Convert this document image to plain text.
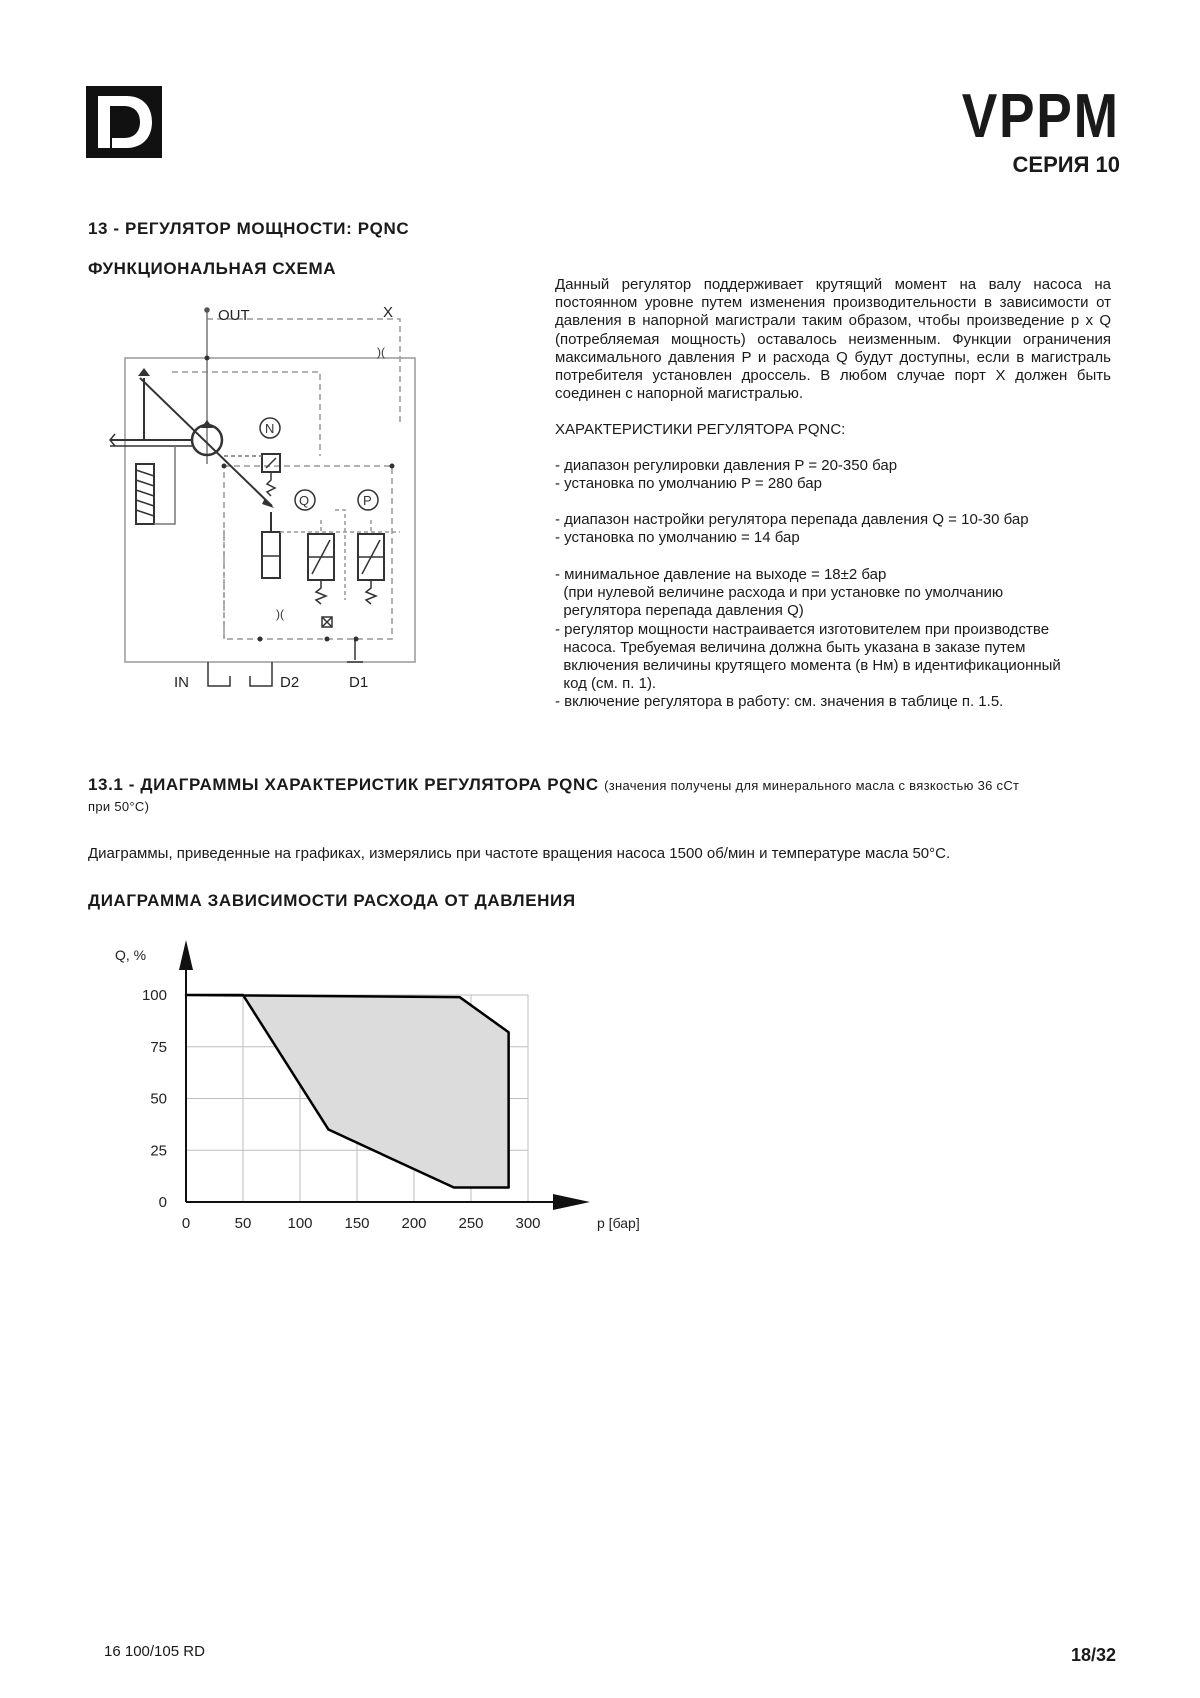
VPPM
СЕРИЯ 10
13 - РЕГУЛЯТОР МОЩНОСТИ: PQNC
ФУНКЦИОНАЛЬНАЯ СХЕМА
Данный регулятор поддерживает крутящий момент на валу насоса на постоянном уровне путем изменения производительности в зависимости от давления в напорной магистрали таким образом, чтобы произведение p x Q (потребляемая мощность) оставалось неизменным. Функции ограничения максимального давления P и расхода Q будут доступны, если в магистраль потребителя установлен дроссель. В любом случае порт X должен быть соединен с напорной магистралью.
ХАРАКТЕРИСТИКИ РЕГУЛЯТОРА PQNC:
- диапазон регулировки давления P = 20-350 бар
- установка по умолчанию P = 280 бар
- диапазон настройки регулятора перепада давления Q = 10-30 бар
- установка по умолчанию = 14 бар
- минимальное давление на выходе = 18±2 бар
(при нулевой величине расхода и при установке по умолчанию
регулятора перепада давления Q)
- регулятор мощности настраивается изготовителем при производстве
насоса. Требуемая величина должна быть указана в заказе путем
включения величины крутящего момента (в Нм) в идентификационный
код (см. п. 1).
- включение регулятора в работу: см. значения в таблице п. 1.5.
N
Q	P
)(
)(
OUT	X
IN	D2	D1
13.1 - ДИАГРАММЫ ХАРАКТЕРИСТИК РЕГУЛЯТОРА PQNC (значения получены для минерального масла с вязкостью 36 сСт
при 50°C)
Диаграммы, приведенные на графиках, измерялись при частоте вращения насоса 1500 об/мин и температуре масла 50°C.
ДИАГРАММА ЗАВИСИМОСТИ РАСХОДА ОТ ДАВЛЕНИЯ
0	50 100 150 200 250 300
0
25
50
75
100
p [бар]
Q, %
16 100/105 RD	18/32
